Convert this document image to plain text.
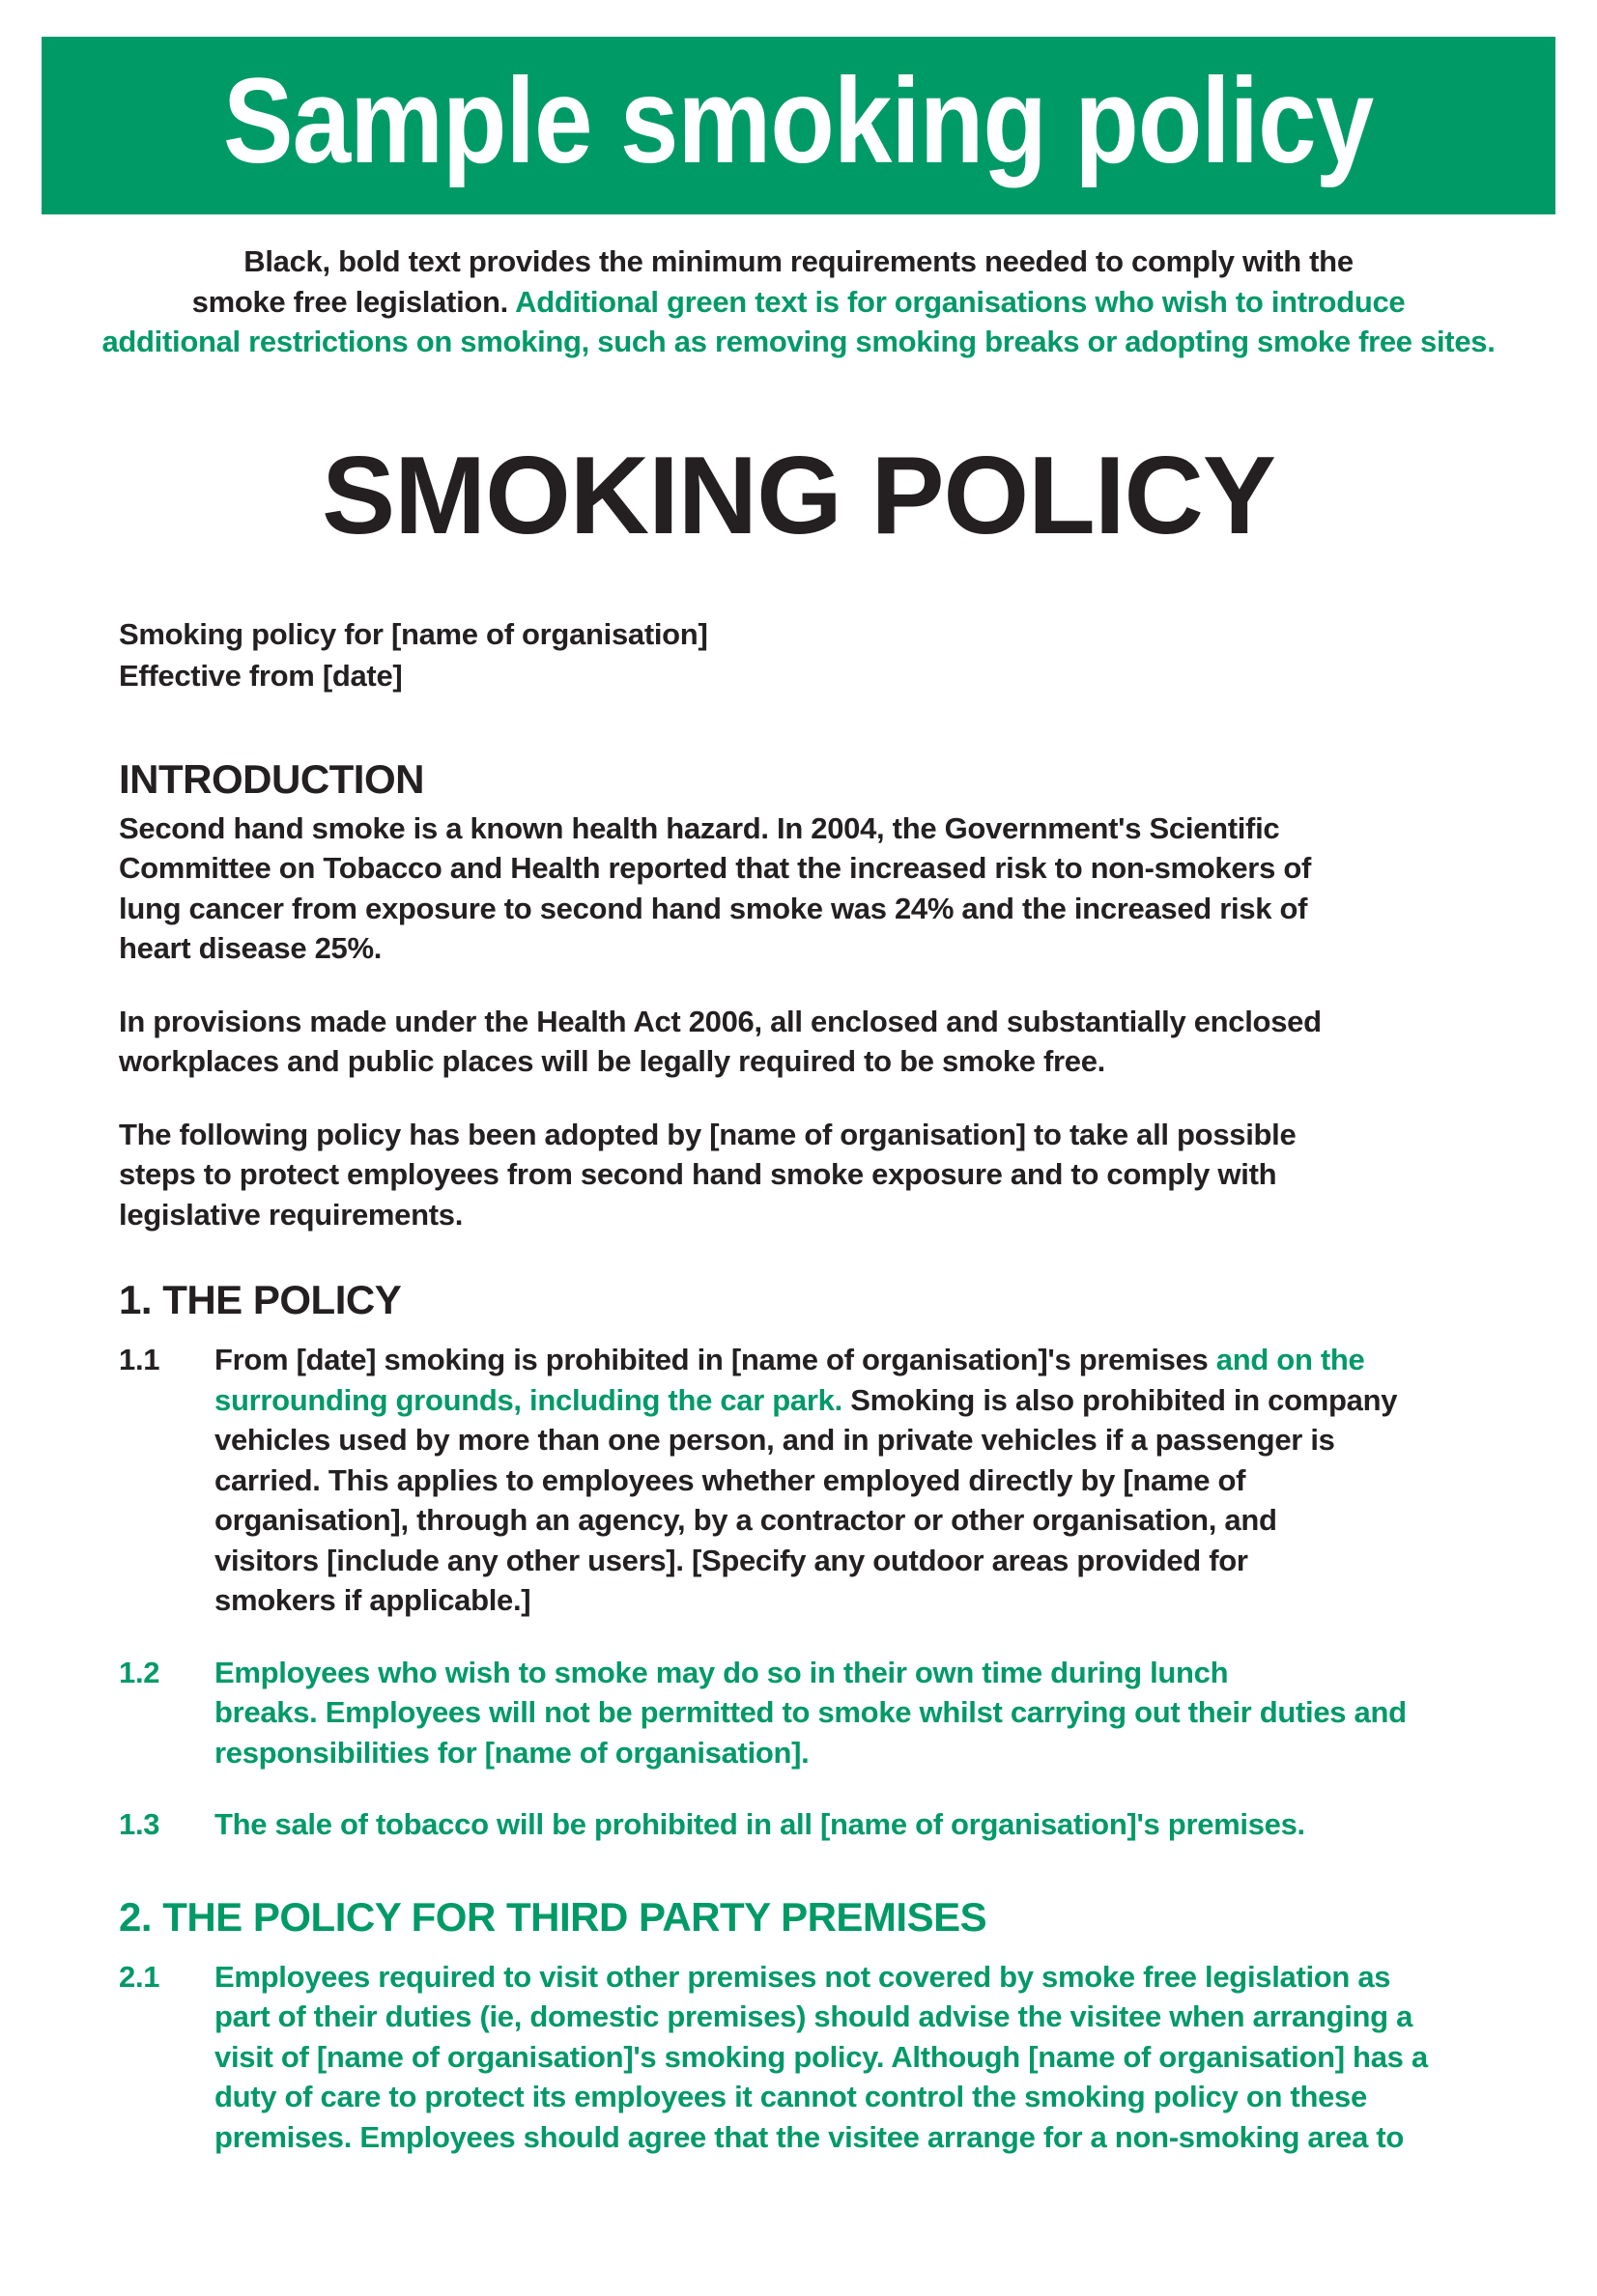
Sample smoking policy
Black, bold text provides the minimum requirements needed to comply with the
smoke free legislation. Additional green text is for organisations who wish to introduce
additional restrictions on smoking, such as removing smoking breaks or adopting smoke free sites.
SMOKING POLICY
Smoking policy for [name of organisation]
Effective from [date]
INTRODUCTION
Second hand smoke is a known health hazard. In 2004, the Government's Scientific
Committee on Tobacco and Health reported that the increased risk to non-smokers of
lung cancer from exposure to second hand smoke was 24% and the increased risk of
heart disease 25%.
In provisions made under the Health Act 2006, all enclosed and substantially enclosed
workplaces and public places will be legally required to be smoke free.
The following policy has been adopted by [name of organisation] to take all possible
steps to protect employees from second hand smoke exposure and to comply with
legislative requirements.
1. THE POLICY
1.1	From [date] smoking is prohibited in [name of organisation]'s premises and on the
surrounding grounds, including the car park. Smoking is also prohibited in company
vehicles used by more than one person, and in private vehicles if a passenger is
carried. This applies to employees whether employed directly by [name of
organisation], through an agency, by a contractor or other organisation, and
visitors [include any other users]. [Specify any outdoor areas provided for
smokers if applicable.]
1.2	Employees who wish to smoke may do so in their own time during lunch
breaks. Employees will not be permitted to smoke whilst carrying out their duties and
responsibilities for [name of organisation].
1.3	The sale of tobacco will be prohibited in all [name of organisation]'s premises.
2. THE POLICY FOR THIRD PARTY PREMISES
2.1	Employees required to visit other premises not covered by smoke free legislation as
part of their duties (ie, domestic premises) should advise the visitee when arranging a
visit of [name of organisation]'s smoking policy. Although [name of organisation] has a
duty of care to protect its employees it cannot control the smoking policy on these
premises. Employees should agree that the visitee arrange for a non-smoking area to
